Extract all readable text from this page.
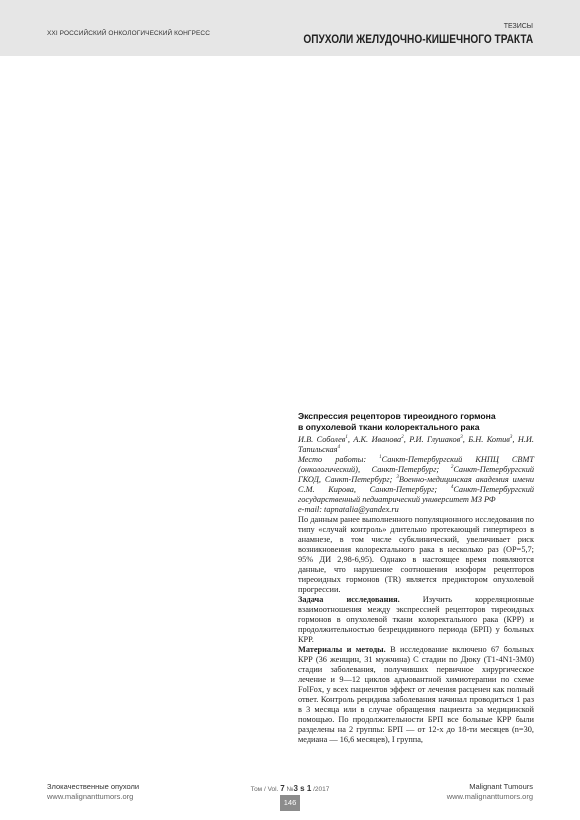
XXI РОССИЙСКИЙ ОНКОЛОГИЧЕСКИЙ КОНГРЕСС
ТЕЗИСЫ
ОПУХОЛИ ЖЕЛУДОЧНО-КИШЕЧНОГО ТРАКТА
Экспрессия рецепторов тиреоидного гормона
в опухолевой ткани колоректального рака
И.В. Соболев$^1$, А.К. Иванова$^2$, Р.И. Глушаков$^3$, Б.Н. Котив$^3$, Н.И. Тапильская$^4$
Место работы:	$^1$Санкт-Петербургский КНПЦ СВМТ (онкологический), Санкт-Петербург; $^2$Санкт-Петербургский ГКОД, Санкт-Петербург; $^3$Военно-медицинская академия имени С.М. Кирова, Санкт-Петербург;	$^4$Санкт-Петербургский государственный педиатрический университет МЗ РФ
e-mail: tapnatalia@yandex.ru
По данным ранее выполненного популяционного исследования по типу «случай контроль» длительно протекающий гипертиреоз в анамнезе, в том числе субклинический, увеличивает риск возникновения колоректального рака в несколько раз (ОР=5,7; 95% ДИ 2,98-6,95). Однако в настоящее время появляются данные, что нарушение соотношения изоформ рецепторов тиреоидных гормонов (TR) является предиктором опухолевой прогрессии.
Задача исследования. Изучить корреляционные взаимоотношения между экспрессией рецепторов тиреоидных гормонов в опухолевой ткани колоректального рака (КРР) и продолжительностью безрецидивного периода (БРП) у больных КРР.
Материалы и методы. В исследование включено 67 больных КРР (36 женщин, 31 мужчина) С стадии по Дюку (T1-4N1-3M0) стадии заболевания, получивших первичное хирургическое лечение и 9—12 циклов адъювантной химиотерапии по схеме FolFox, у всех пациентов эффект от лечения расценен как полный ответ. Контроль рецидива заболевания начинал проводиться 1 раз в 3 месяца или в случае обращения пациента за медицинской помощью. По продолжительности БРП все больные КРР были разделены на 2 группы: БРП — от 12-х до 18-ти месяцев (n=30, медиана — 16,6 месяцев), I группа,
Злокачественные опухоли
www.malignanttumors.org
Том / Vol. 7 №3 s 1 /2017
146
Malignant Tumours
www.malignanttumors.org
